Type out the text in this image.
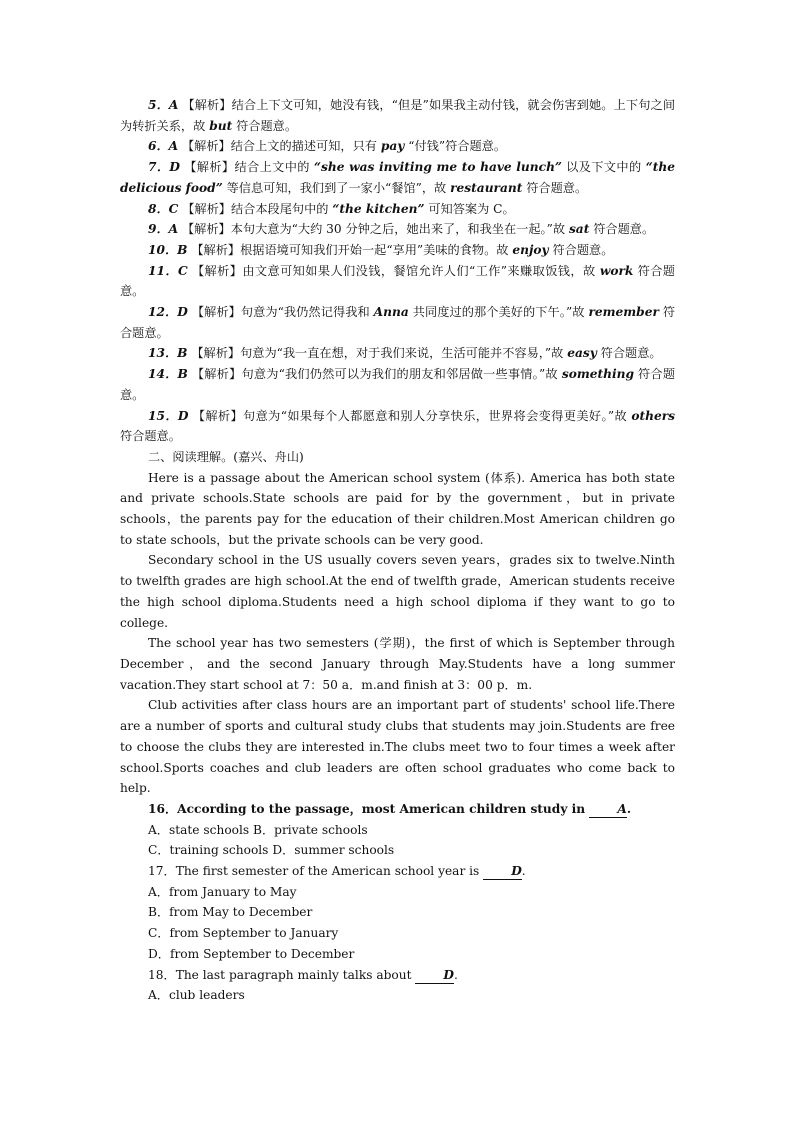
5．A 【解析】结合上下文可知，她没有钱，“但是”如果我主动付钱，就会伤害到她。上下句之间为转折关系，故 but 符合题意。

6．A 【解析】结合上文的描述可知，只有 pay “付钱”符合题意。

7．D 【解析】结合上文中的 “she was inviting me to have lunch” 以及下文中的 “the delicious food” 等信息可知，我们到了一家小“餐馆”，故 restaurant 符合题意。

8．C 【解析】结合本段尾句中的 “the kitchen” 可知答案为 C。

9．A 【解析】本句大意为“大约 30 分钟之后，她出来了，和我坐在一起。”故 sat 符合题意。

10．B 【解析】根据语境可知我们开始一起“享用”美味的食物。故 enjoy 符合题意。

11．C 【解析】由文意可知如果人们没钱，餐馆允许人们“工作”来赚取饭钱，故 work 符合题意。

12．D 【解析】句意为“我仍然记得我和 Anna 共同度过的那个美好的下午。”故 remember 符合题意。

13．B 【解析】句意为“我一直在想，对于我们来说，生活可能并不容易，”故 easy 符合题意。

14．B 【解析】句意为“我们仍然可以为我们的朋友和邻居做一些事情。”故 something 符合题意。

15．D 【解析】句意为“如果每个人都愿意和别人分享快乐，世界将会变得更美好。”故 others 符合题意。

二、阅读理解。(嘉兴、舟山)

Here is a passage about the American school system (体系). America has both state and private schools.State schools are paid for by the government，but in private schools，the parents pay for the education of their children.Most American children go to state schools，but the private schools can be very good.

Secondary school in the US usually covers seven years，grades six to twelve.Ninth to twelfth grades are high school.At the end of twelfth grade，American students receive the high school diploma.Students need a high school diploma if they want to go to college.

The school year has two semesters (学期)，the first of which is September through December，and the second January through May.Students have a long summer vacation.They start school at 7：50 a．m.and finish at 3：00 p．m.

Club activities after class hours are an important part of students' school life.There are a number of sports and cultural study clubs that students may join.Students are free to choose the clubs they are interested in.The clubs meet two to four times a week after school.Sports coaches and club leaders are often school graduates who come back to help.

16．According to the passage，most American children study in A.

A．state schools B．private schools

C．training schools D．summer schools

17．The first semester of the American school year is D.

A．from January to May

B．from May to December

C．from September to January

D．from September to December

18．The last paragraph mainly talks about D.

A．club leaders
